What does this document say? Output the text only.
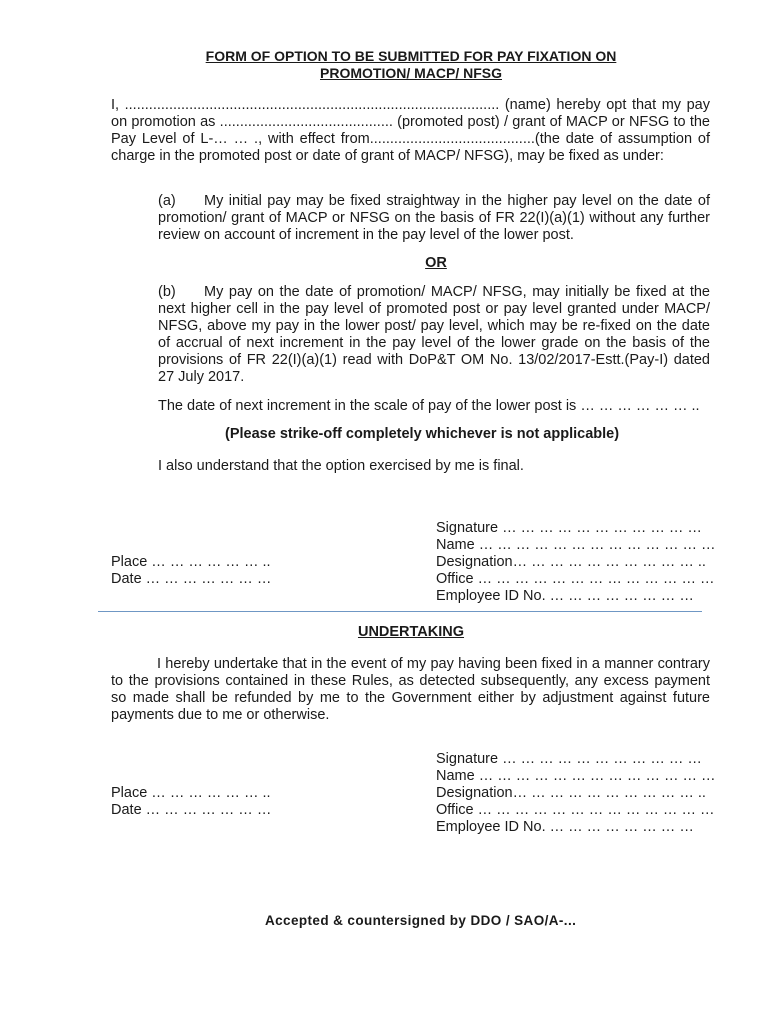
FORM OF OPTION TO BE SUBMITTED FOR PAY FIXATION ON
PROMOTION/ MACP/ NFSG

I, ............................................................................................. (name) hereby opt that my pay on promotion as ........................................... (promoted post) / grant of MACP or NFSG to the Pay Level of L-… … ., with effect from.........................................(the date of assumption of charge in the promoted post or date of grant of MACP/ NFSG), may be fixed as under:

(a)	My initial pay may be fixed straightway in the higher pay level on the date of promotion/ grant of MACP or NFSG on the basis of FR 22(I)(a)(1) without any further review on account of increment in the pay level of the lower post.

OR
(b)	My pay on the date of promotion/ MACP/ NFSG, may initially be fixed at the next higher cell in the pay level of promoted post or pay level granted under MACP/ NFSG, above my pay in the lower post/ pay level, which may be re-fixed on the date of accrual of next increment in the pay level of the lower grade on the basis of the provisions of FR 22(I)(a)(1) read with DoP&T OM No. 13/02/2017-Estt.(Pay-I) dated 27 July 2017.

The date of next increment in the scale of pay of the lower post is … … … … … … ..
(Please strike-off completely whichever is not applicable)
I also understand that the option exercised by me is final.
Signature … … … … … … … … … … …
Name … … … … … … … … … … … … …
Place … … … … … … ..	Designation… … … … … … … … … … ..
Date … … … … … … …	Office … … … … … … … … … … … … …
Employee ID No. … … … … … … … …
UNDERTAKING

I hereby undertake that in the event of my pay having been fixed in a manner contrary to the provisions contained in these Rules, as detected subsequently, any excess payment so made shall be refunded by me to the Government either by adjustment against future payments due to me or otherwise.

Signature … … … … … … … … … … …
Name … … … … … … … … … … … … …
Place … … … … … … ..	Designation… … … … … … … … … … ..
Date … … … … … … …	Office … … … … … … … … … … … … …
Employee ID No. … … … … … … … …
Accepted & countersigned by DDO / SAO/A-...
